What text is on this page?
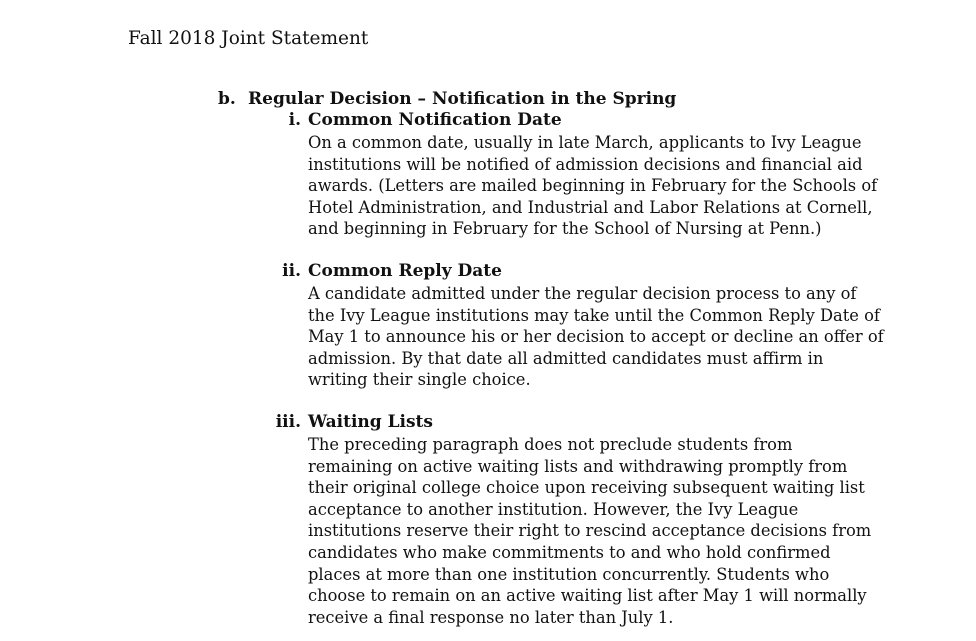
Fall 2018 Joint Statement
b. Regular Decision – Notification in the Spring
i. Common Notification Date
On a common date, usually in late March, applicants to Ivy League
institutions will be notified of admission decisions and financial aid
awards. (Letters are mailed beginning in February for the Schools of
Hotel Administration, and Industrial and Labor Relations at Cornell,
and beginning in February for the School of Nursing at Penn.)
ii. Common Reply Date
A candidate admitted under the regular decision process to any of
the Ivy League institutions may take until the Common Reply Date of
May 1 to announce his or her decision to accept or decline an offer of
admission. By that date all admitted candidates must affirm in
writing their single choice.
iii. Waiting Lists
The preceding paragraph does not preclude students from
remaining on active waiting lists and withdrawing promptly from
their original college choice upon receiving subsequent waiting list
acceptance to another institution. However, the Ivy League
institutions reserve their right to rescind acceptance decisions from
candidates who make commitments to and who hold confirmed
places at more than one institution concurrently. Students who
choose to remain on an active waiting list after May 1 will normally
receive a final response no later than July 1.
